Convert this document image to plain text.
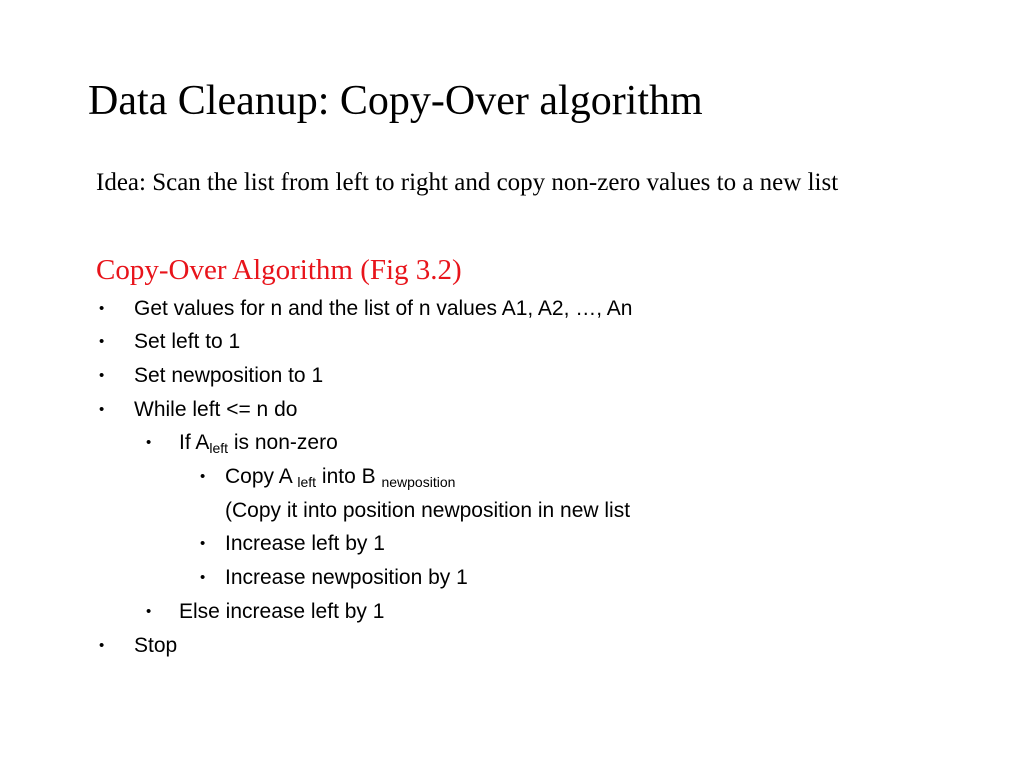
Data Cleanup: Copy-Over algorithm
Idea: Scan the list from left to right and copy non-zero values to a new list
Copy-Over Algorithm (Fig 3.2)
• Get values for n and the list of n values A1, A2, …, An
• Set left to 1
• Set newposition to 1
• While left <= n do
• If $A_{left}$ is non-zero
• Copy A $_{left}$ into B $_{newposition}$
(Copy it into position newposition in new list
• Increase left by 1
• Increase newposition by 1
• Else increase left by 1
• Stop
